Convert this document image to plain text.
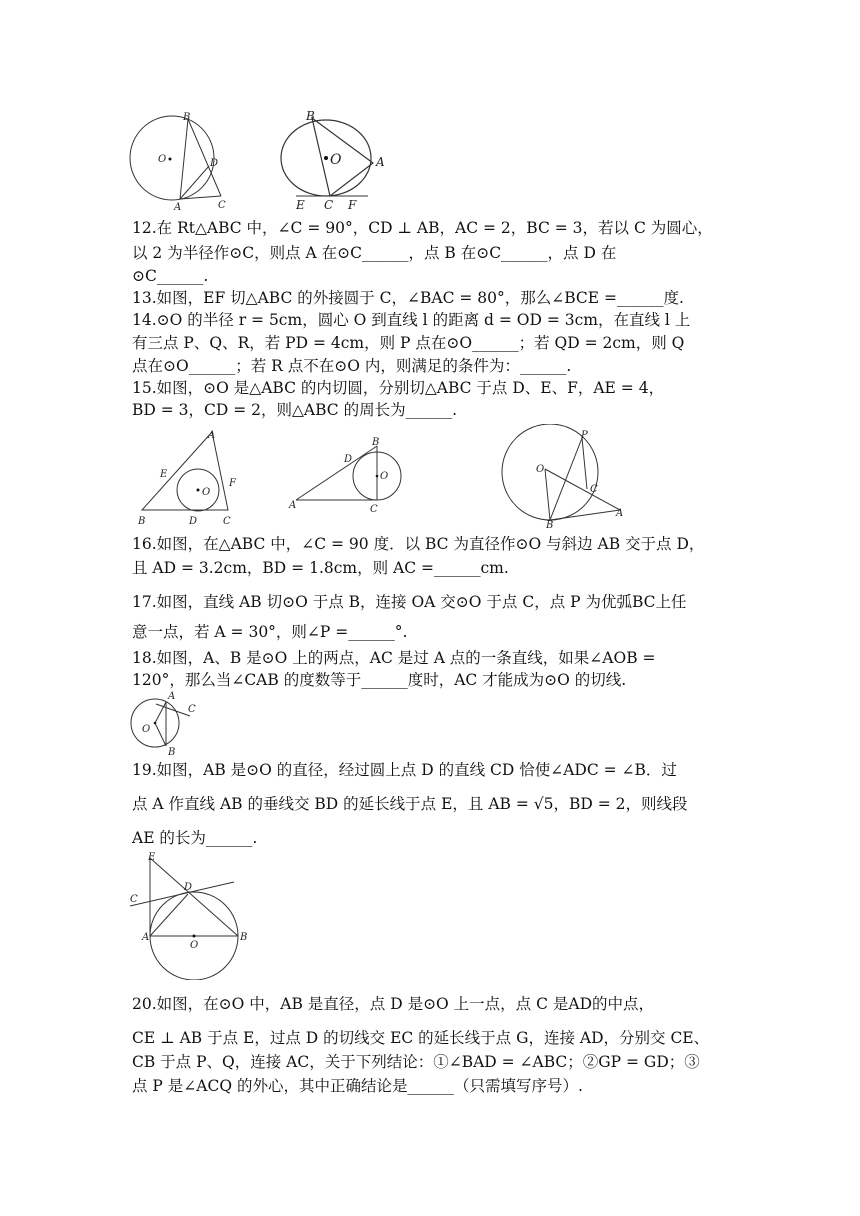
B
O	D
A	C
B
O	A
E C F
12.在 Rt△ABC 中，∠C = 90°，CD ⊥ AB，AC = 2，BC = 3，若以 C 为圆心，
以 2 为半径作⊙C，则点 A 在⊙C______，点 B 在⊙C______，点 D 在
⊙C______.
13.如图，EF 切△ABC 的外接圆于 C，∠BAC = 80°，那么∠BCE =______度.
14.⊙O 的半径 r = 5cm，圆心 O 到直线 l 的距离 d = OD = 3cm，在直线 l 上
有三点 P、Q、R，若 PD = 4cm，则 P 点在⊙O______；若 QD = 2cm，则 Q
点在⊙O______；若 R 点不在⊙O 内，则满足的条件为：______.
15.如图，⊙O 是△ABC 的内切圆，分别切△ABC 于点 D、E、F，AE = 4，
BD = 3，CD = 2，则△ABC 的周长为______.
A
E
O
F
B	D	C
B
D
O
A	C
P
O
C
B
A
16.如图，在△ABC 中，∠C = 90 度．以 BC 为直径作⊙O 与斜边 AB 交于点 D，
且 AD = 3.2cm，BD = 1.8cm，则 AC =______cm.
17.如图，直线 AB 切⊙O 于点 B，连接 OA 交⊙O 于点 C，点 P 为优弧BC上任
意一点，若 A = 30°，则∠P =______°.
18.如图，A、B 是⊙O 上的两点，AC 是过 A 点的一条直线，如果∠AOB =
120°，那么当∠CAB 的度数等于______度时，AC 才能成为⊙O 的切线.
A
C
O
B
19.如图，AB 是⊙O 的直径，经过圆上点 D 的直线 CD 恰使∠ADC = ∠B．过
点 A 作直线 AB 的垂线交 BD 的延长线于点 E，且 AB = √5，BD = 2，则线段
AE 的长为______.
E
D
C
A
O
B
20.如图，在⊙O 中，AB 是直径，点 D 是⊙O 上一点，点 C 是AD的中点，
CE ⊥ AB 于点 E，过点 D 的切线交 EC 的延长线于点 G，连接 AD，分别交 CE、
CB 于点 P、Q，连接 AC，关于下列结论：①∠BAD = ∠ABC；②GP = GD；③
点 P 是∠ACQ 的外心，其中正确结论是______（只需填写序号）.
